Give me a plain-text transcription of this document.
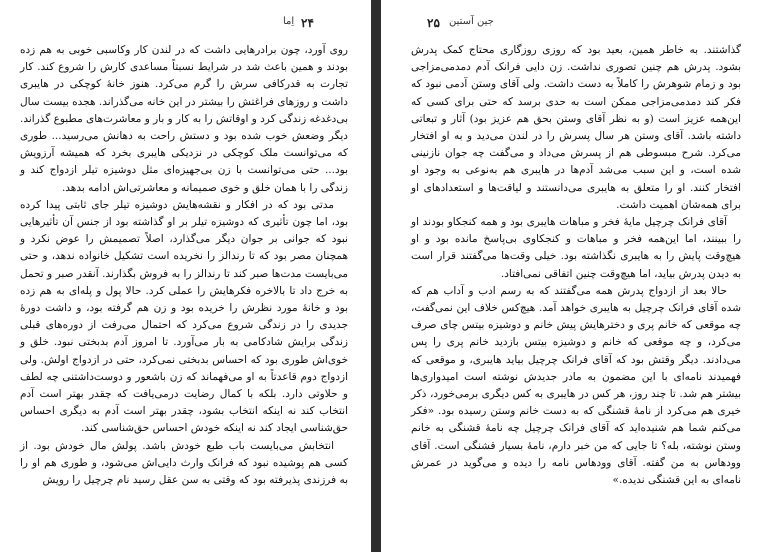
۲۴
اِما

روی آورد، چون برادرهایی داشت که در لندن کار وکاسبی خوبی به هم زده بودند و همین باعث شد در شرایط نسبتاً مساعدی کارش را شروع کند. کار تجارت به قدرکافی سرش را گرم می‌کرد. هنوز خانهٔ کوچکی در هایبری داشت و روزهای فراغتش را بیشتر در این خانه می‌گذراند. هجده بیست سال بی‌دغدغه زندگی کرد و اوقاتش را به کار و بار و معاشرت‌های مطبوع گذراند. دیگر وضعش خوب شده بود و دستش راحت به دهانش می‌رسید... طوری که می‌توانست ملک کوچکی در نزدیکی هایبری بخرد که همیشه آرزویش بود... حتی می‌توانست با زن بی‌جهیزه‌ای مثل دوشیزه تیلر ازدواج کند و زندگی را با همان خلق و خوی صمیمانه و معاشرتی‌اش ادامه بدهد.

مدتی بود که در افکار و نقشه‌هایش دوشیزه تیلر جای ثابتی پیدا کرده بود، اما چون تأثیری که دوشیزه تیلر بر او گذاشته بود از جنس آن تأثیرهایی نبود که جوانی بر جوان دیگر می‌گذارد، اصلاً تصمیمش را عوض نکرد و همچنان مصر بود که تا رندالز را نخریده است تشکیل خانواده ندهد، و حتی می‌بایست مدت‌ها صبر کند تا رندالز را به فروش بگذارند. آنقدر صبر و تحمل به خرج داد تا بالاخره فکرهایش را عملی کرد. حالا پول و پله‌ای به هم زده بود و خانهٔ مورد نظرش را خریده بود و زن هم گرفته بود، و داشت دورهٔ جدیدی را در زندگی شروع می‌کرد که احتمال می‌رفت از دوره‌های قبلی زندگی برایش شادکامی به بار می‌آورد. تا امروز آدم بدبختی نبود. خلق و خوی‌اش طوری بود که احساس بدبختی نمی‌کرد، حتی در ازدواج اولش. ولی ازدواج دوم قاعدتاً به او می‌فهماند که زن باشعور و دوست‌داشتنی چه لطف و حلاوتی دارد. بلکه با کمال رضایت درمی‌یافت که چقدر بهتر است آدم انتخاب کند نه اینکه انتخاب بشود، چقدر بهتر است آدم به دیگری احساس حق‌شناسی ایجاد کند نه اینکه خودش احساس حق‌شناسی کند.

انتخابش می‌بایست باب طبع خودش باشد. پولش مال خودش بود. از کسی هم پوشیده نبود که فرانک وارث دایی‌اش می‌شود، و طوری هم او را به فرزندی پذیرفته بود که وقتی به سن عقل رسید نام چرچیل را رویش

۲۵ جین آستین

گذاشتند. به خاطر همین، بعید بود که روزی روزگاری محتاج کمک پدرش بشود. پدرش هم چنین تصوری نداشت. زن دایی فرانک آدم دمدمی‌مزاجی بود و زمام شوهرش را کاملاً به دست داشت. ولی آقای وستن آدمی نبود که فکر کند دمدمی‌مزاجی ممکن است به حدی برسد که حتی برای کسی که این‌همه عزیز است (و به نظر آقای وستن بحق هم عزیز بود) آثار و تبعاتی داشته باشد. آقای وستن هر سال پسرش را در لندن می‌دید و به او افتخار می‌کرد. شرح مبسوطی هم از پسرش می‌داد و می‌گفت چه جوان نازنینی شده است، و این سبب می‌شد آدم‌ها در هایبری هم به‌نوعی به وجود او افتخار کنند. او را متعلق به هایبری می‌دانستند و لیاقت‌ها و استعدادهای او برای همه‌شان اهمیت داشت.

آقای فرانک چرچیل مایهٔ فخر و مباهات هایبری بود و همه کنجکاو بودند او را ببینند، اما این‌همه فخر و مباهات و کنجکاوی بی‌پاسخ مانده بود و او هیچ‌وقت پایش را به هایبری نگذاشته بود. خیلی وقت‌ها می‌گفتند قرار است به دیدن پدرش بیاید، اما هیچ‌وقت چنین اتفاقی نمی‌افتاد.

حالا بعد از ازدواج پدرش همه می‌گفتند که به رسم ادب و آداب هم که شده آقای فرانک چرچیل به هایبری خواهد آمد. هیچ‌کس خلاف این نمی‌گفت، چه موقعی که خانم پری و دخترهایش پیش خانم و دوشیزه بیتس چای صرف می‌کرد، و چه موقعی که خانم و دوشیزه بیتس بازدید خانم پری را پس می‌دادند. دیگر وقتش بود که آقای فرانک چرچیل بیاید هایبری، و موقعی که فهمیدند نامه‌ای با این مضمون به مادر جدیدش نوشته است امیدواری‌ها بیشتر هم شد. تا چند روز، هر کس در هایبری به کس دیگری برمی‌خورد، ذکر خیری هم می‌کرد از نامهٔ قشنگی که به دست خانم وستن رسیده بود. «فکر می‌کنم شما هم شنیده‌اید که آقای فرانک چرچیل چه نامهٔ قشنگی به خانم وستن نوشته، بله؟ تا جایی که من خبر دارم، نامهٔ بسیار قشنگی است. آقای وودهاس به من گفته. آقای وودهاس نامه را دیده و می‌گوید در عمرش نامه‌ای به این قشنگی ندیده.»
